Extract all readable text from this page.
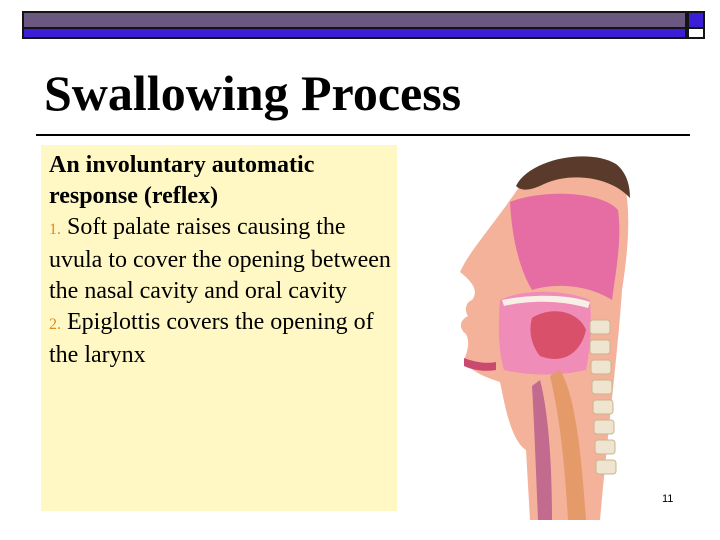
Swallowing Process
An involuntary automatic response (reflex)
1. Soft palate raises causing the uvula to cover the opening between the nasal cavity and oral cavity
2. Epiglottis covers the opening of the larynx
11
